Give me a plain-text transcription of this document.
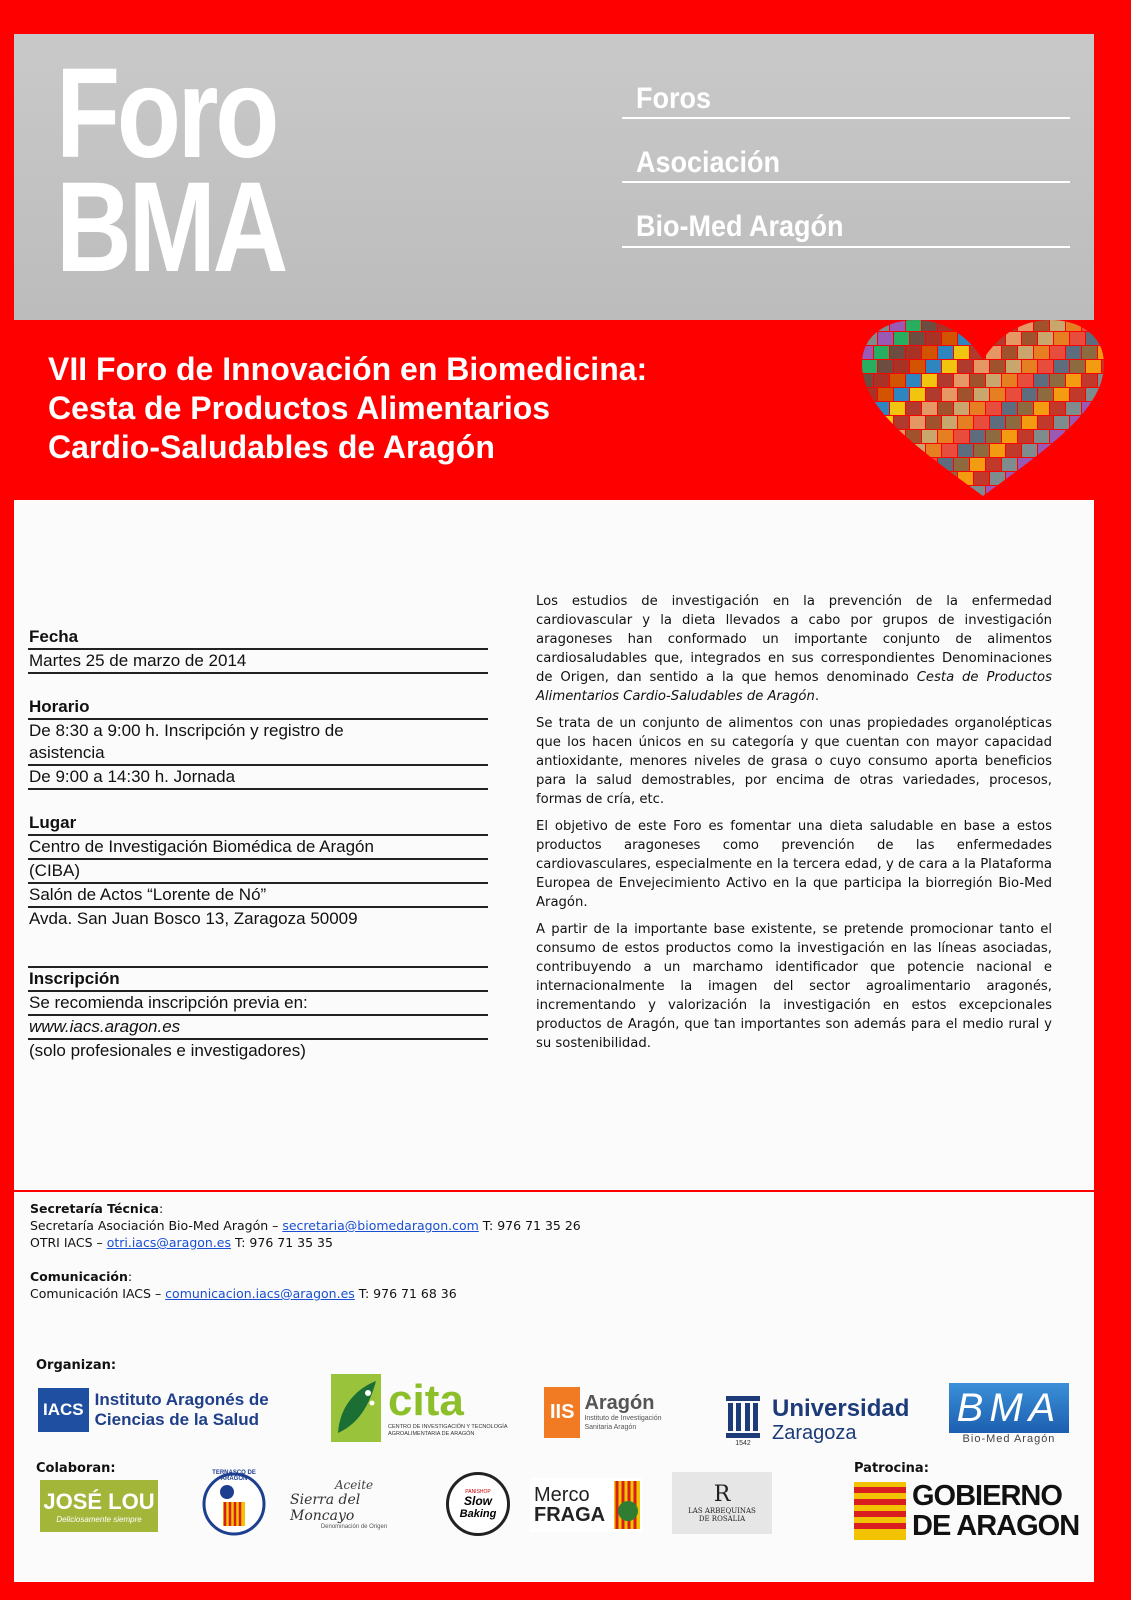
Foro
BMA
Foros
Asociación
Bio-Med Aragón
VII Foro de Innovación en Biomedicina:
Cesta de Productos Alimentarios
Cardio-Saludables de Aragón
Fecha
Martes 25 de marzo de 2014
Horario
De 8:30 a 9:00 h. Inscripción y registro de
asistencia
De 9:00 a 14:30 h. Jornada
Lugar
Centro de Investigación Biomédica de Aragón
(CIBA)
Salón de Actos “Lorente de Nó”
Avda. San Juan Bosco 13, Zaragoza 50009
Inscripción
Se recomienda inscripción previa en:
www.iacs.aragon.es
(solo profesionales e investigadores)

Los estudios de investigación en la prevención de la enfermedad cardiovascular y la dieta llevados a cabo por grupos de investigación aragoneses han conformado un importante conjunto de alimentos cardiosaludables que, integrados en sus correspondientes Denominaciones de Origen, dan sentido a la que hemos denominado Cesta de Productos Alimentarios Cardio-Saludables de Aragón.

Se trata de un conjunto de alimentos con unas propiedades organolépticas que los hacen únicos en su categoría y que cuentan con mayor capacidad antioxidante, menores niveles de grasa o cuyo consumo aporta beneficios para la salud demostrables, por encima de otras variedades, procesos, formas de cría, etc.

El objetivo de este Foro es fomentar una dieta saludable en base a estos productos aragoneses como prevención de las enfermedades cardiovasculares, especialmente en la tercera edad, y de cara a la Plataforma Europea de Envejecimiento Activo en la que participa la biorregión Bio-Med Aragón.

A partir de la importante base existente, se pretende promocionar tanto el consumo de estos productos como la investigación en las líneas asociadas, contribuyendo a un marchamo identificador que potencie nacional e internacionalmente la imagen del sector agroalimentario aragonés, incrementando y valorización la investigación en estos excepcionales productos de Aragón, que tan importantes son además para el medio rural y su sostenibilidad.

Secretaría Técnica:
Secretaría Asociación Bio-Med Aragón – secretaria@biomedaragon.com T: 976 71 35 26
OTRI IACS – otri.iacs@aragon.es T: 976 71 35 35
Comunicación:
Comunicación IACS – comunicacion.iacs@aragon.es T: 976 71 68 36
Organizan:
Colaboran:	Patrocina:
IACS
Instituto Aragonés de
Ciencias de la Salud	cita
CENTRO DE INVESTIGACIÓN Y TECNOLOGÍA
AGROALIMENTARIA DE ARAGÓN
IIS Aragón
Instituto de Investigación
Sanitaria Aragón
1542
Universidad
Zaragoza
BMA
Bio-Med Aragón
JOSÉ LOU
Deliciosamente siempre
TERNASCO DE ARAGÓN	Aceite
Sierra del Moncayo
Denominación de Origen
PANISHOP
Slow
Baking
Merco
FRAGA
R
LAS ARBEQUINAS
DE ROSALIA
GOBIERNO
DE ARAGON
